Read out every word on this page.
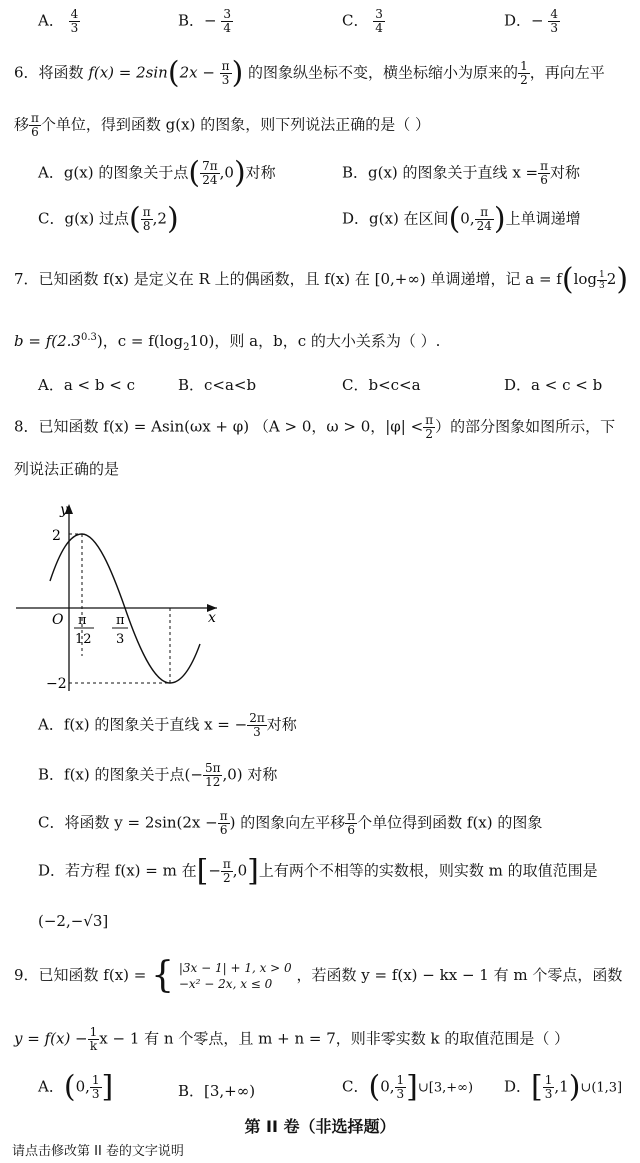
A． $\frac{4}{3}$	B．− $\frac{3}{4}$	C． $\frac{3}{4}$	D．− $\frac{4}{3}$
6．将函数 $f(x) = 2\sin(2x - \frac{\pi}{3}$ ) 的图象纵坐标不变，横坐标缩小为原来的 $\frac{1}{2}$ ，再向左平
移 $\frac{\pi}{6}$ 个单位，得到函数 g(x) 的图象，则下列说法正确的是（ ）
A．g(x) 的图象关于点( $\frac{7\pi}{24} ,0$)对称	B．g(x) 的图象关于直线 $x = \frac{\pi}{6}$ 对称
C．g(x) 过点( $\frac{\pi}{8} ,2$)	D．g(x) 在区间(0, $\frac{\pi}{24}$ )上单调递增
7．已知函数 f(x) 是定义在 R 上的偶函数，且 f(x) 在 [0,+∞) 单调递增，记 $a = f(\log \frac{1}{3} 2)$
$b = f(2.3^{0.3})$，$c = f(\log_210)$，则 a，b，c 的大小关系为（ ）.
A．a < b < c	B．c<a<b	C．b<c<a	D．a < c < b
8．已知函数 f(x) = Asin(ωx + φ) （A > 0，ω > 0，$|\varphi| < \frac{\pi}{2}$ ）的部分图象如图所示，下
列说法正确的是
y
x
O
2
−2
π
12
π
3
A．f(x) 的图象关于直线 x = − $\frac{2\pi}{3}$ 对称
B．f(x) 的图象关于点(− $\frac{5\pi}{12} ,0$) 对称
C．将函数 $y = 2\sin(2x - \frac{\pi}{6}$ ) 的图象向左平移 $\frac{\pi}{6}$ 个单位得到函数 f(x) 的图象
D．若方程 f(x) = m 在[− $\frac{\pi}{2} ,0$]上有两个不相等的实数根，则实数 m 的取值范围是
(−2,−√3]
9．已知函数 f(x) = { |3x − 1| + 1, x > 0
−x² − 2x, x ≤ 0	，若函数 y = f(x) − kx − 1 有 m 个零点，函数
$y = f(x) - \frac{1}{k}$ x − 1 有 n 个零点，且 m + n = 7，则非零实数 k 的取值范围是（ ）
A．(0, $\frac{1}{3}$ ]	B．[3,+∞)	C．(0, $\frac{1}{3}$ ]∪[3,+∞) D．[ $\frac{1}{3}$ ,1)∪(1,3]
第 II 卷（非选择题）
请点击修改第 II 卷的文字说明
